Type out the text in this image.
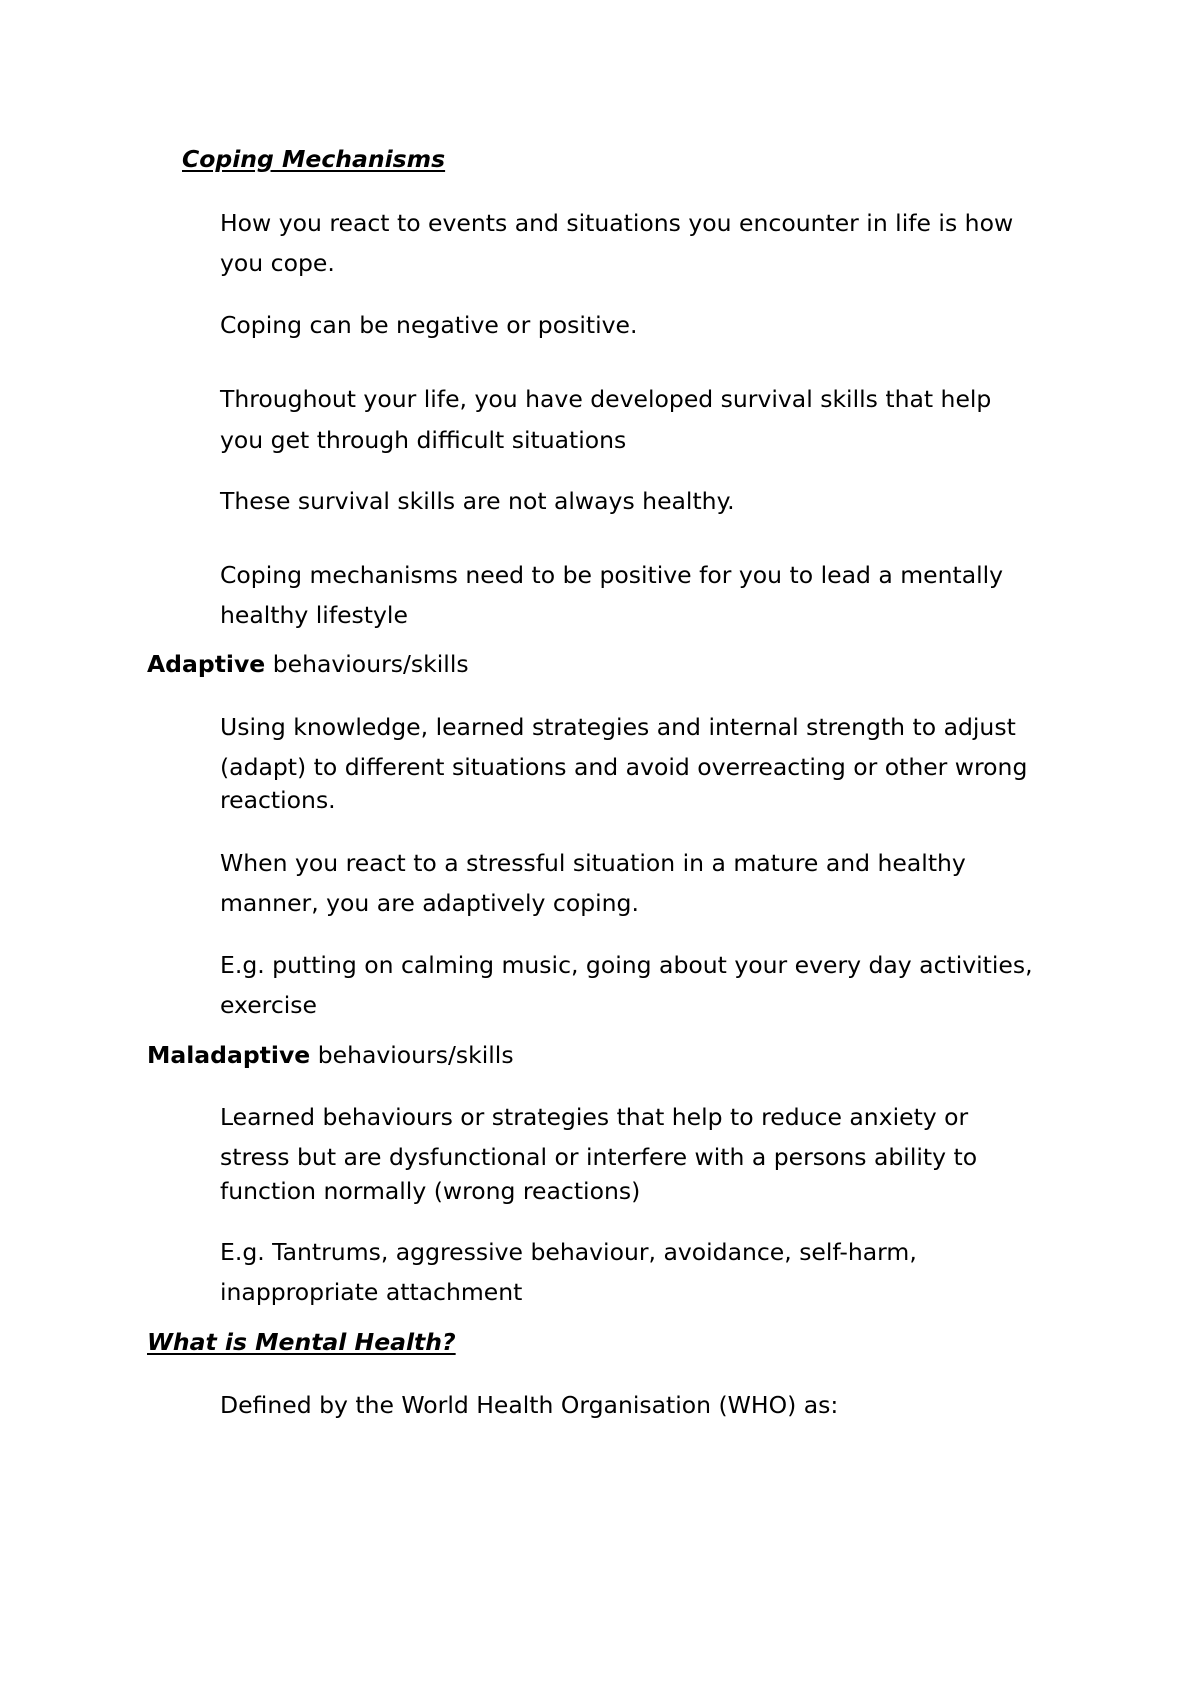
Coping Mechanisms
How you react to events and situations you encounter in life is how
you cope.
Coping can be negative or positive.
Throughout your life, you have developed survival skills that help
you get through difficult situations
These survival skills are not always healthy.
Coping mechanisms need to be positive for you to lead a mentally
healthy lifestyle
Adaptive behaviours/skills
Using knowledge, learned strategies and internal strength to adjust
(adapt) to different situations and avoid overreacting or other wrong
reactions.
When you react to a stressful situation in a mature and healthy
manner, you are adaptively coping.
E.g. putting on calming music, going about your every day activities,
exercise
Maladaptive behaviours/skills
Learned behaviours or strategies that help to reduce anxiety or
stress but are dysfunctional or interfere with a persons ability to
function normally (wrong reactions)
E.g. Tantrums, aggressive behaviour, avoidance, self-harm,
inappropriate attachment
What is Mental Health?
Defined by the World Health Organisation (WHO) as:
